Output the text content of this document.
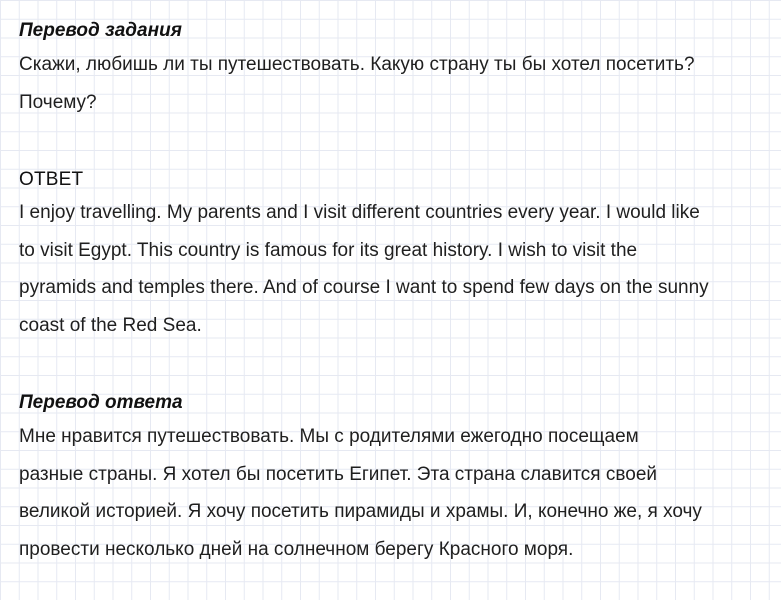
Перевод задания

Скажи, любишь ли ты путешествовать. Какую страну ты бы хотел посетить?
Почему?

ОТВЕТ

I enjoy travelling. My parents and I visit different countries every year. I would like
to visit Egypt. This country is famous for its great history. I wish to visit the
pyramids and temples there. And of course I want to spend few days on the sunny
coast of the Red Sea.

Перевод ответа

Мне нравится путешествовать. Мы с родителями ежегодно посещаем
разные страны. Я хотел бы посетить Египет. Эта страна славится своей
великой историей. Я хочу посетить пирамиды и храмы. И, конечно же, я хочу
провести несколько дней на солнечном берегу Красного моря.
